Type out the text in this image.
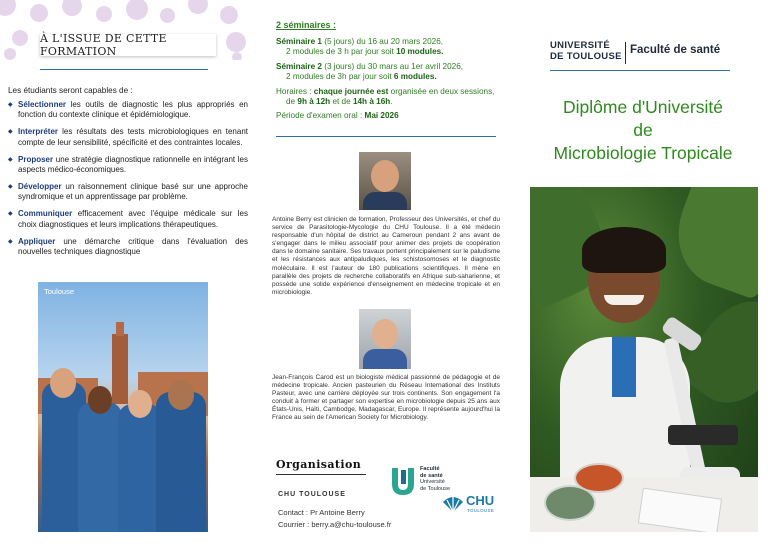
À L'ISSUE DE CETTE FORMATION
Les étudiants seront capables de :
◆ Sélectionner les outils de diagnostic les plus appropriés en fonction du contexte clinique et épidémiologique.
◆ Interpréter les résultats des tests microbiologiques en tenant compte de leur sensibilité, spécificité et des contraintes locales.
◆ Proposer une stratégie diagnostique rationnelle en intégrant les aspects médico-économiques.
◆ Développer un raisonnement clinique basé sur une approche syndromique et un apprentissage par problème.
◆ Communiquer efficacement avec l'équipe médicale sur les choix diagnostiques et leurs implications thérapeutiques.
◆ Appliquer une démarche critique dans l'évaluation des nouvelles techniques diagnostique
Toulouse
2 séminaires :
Séminaire 1 (5 jours) du 16 au 20 mars 2026,
2 modules de 3 h par jour soit 10 modules.
Séminaire 2 (3 jours) du 30 mars au 1er avril 2026,
2 modules de 3h par jour soit 6 modules.
Horaires : chaque journée est organisée en deux sessions,
de 9h à 12h et de 14h à 16h.
Période d'examen oral : Mai 2026
Antoine Berry est clinicien de formation, Professeur des Universités, et chef du service de Parasitologie-Mycologie du CHU Toulouse. Il a été médecin responsable d'un hôpital de district au Cameroun pendant 2 ans avant de s'engager dans le milieu associatif pour animer des projets de coopération dans le domaine sanitaire. Ses travaux portent principalement sur le paludisme et les résistances aux antipaludiques, les schistosomoses et le diagnostic moléculaire. Il est l'auteur de 180 publications scientifiques. Il mène en parallèle des projets de recherche collaboratifs en Afrique sub-saharienne, et possède une solide expérience d'enseignement en médecine tropicale et en microbiologie.
Jean-François Carod est un biologiste médical passionné de pédagogie et de médecine tropicale. Ancien pasteurien du Réseau International des Instituts Pasteur, avec une carrière déployée sur trois continents. Son engagement l'a conduit à former et partager son expertise en microbiologie depuis 25 ans aux États-Unis, Haïti, Cambodge, Madagascar, Europe. Il représente aujourd'hui la France au sein de l'American Society for Microbiology.
Organisation
CHU TOULOUSE
Contact : Pr Antoine Berry
Courrier : berry.a@chu-toulouse.fr
Faculté
de santé
Université
de Toulouse
CHU
TOULOUSE
UNIVERSITÉ
DE TOULOUSE Faculté de santé
Diplôme d'Université
de
Microbiologie Tropicale
